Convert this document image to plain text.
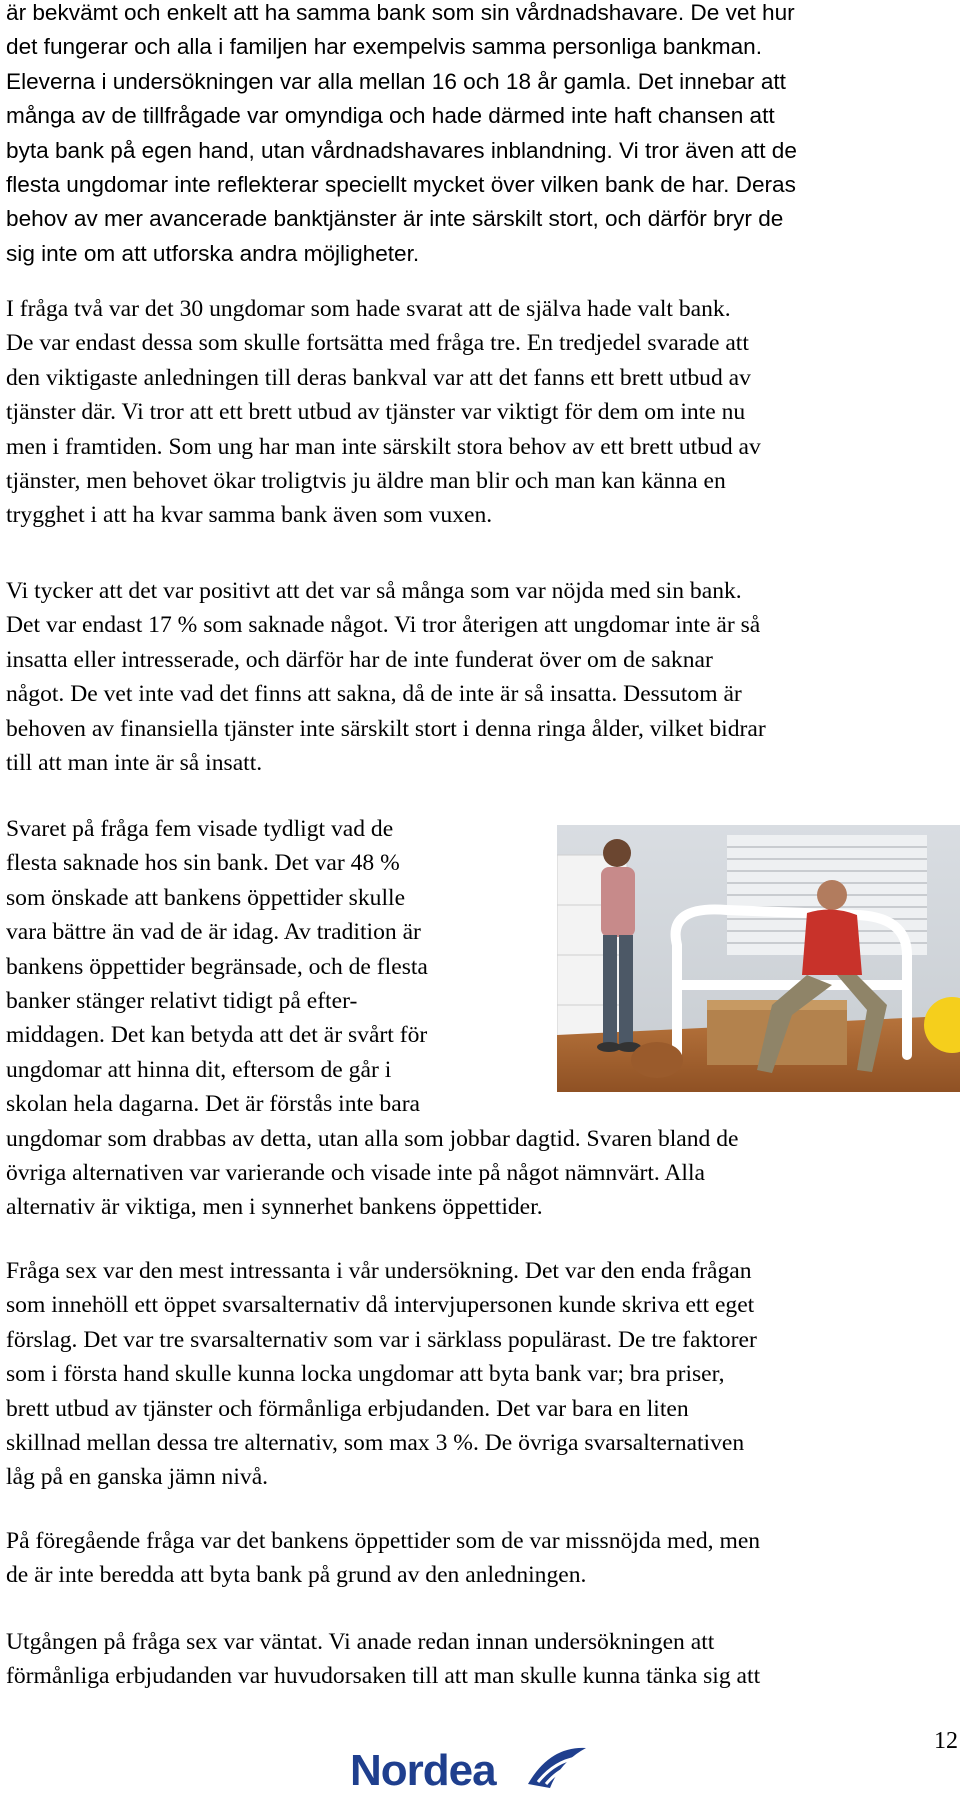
är bekvämt och enkelt att ha samma bank som sin vårdnadshavare. De vet hur
det fungerar och alla i familjen har exempelvis samma personliga bankman.
Eleverna i undersökningen var alla mellan 16 och 18 år gamla. Det innebar att
många av de tillfrågade var omyndiga och hade därmed inte haft chansen att
byta bank på egen hand, utan vårdnadshavares inblandning. Vi tror även att de
flesta ungdomar inte reflekterar speciellt mycket över vilken bank de har. Deras
behov av mer avancerade banktjänster är inte särskilt stort, och därför bryr de
sig inte om att utforska andra möjligheter.
I fråga två var det 30 ungdomar som hade svarat att de själva hade valt bank.
De var endast dessa som skulle fortsätta med fråga tre. En tredjedel svarade att
den viktigaste anledningen till deras bankval var att det fanns ett brett utbud av
tjänster där. Vi tror att ett brett utbud av tjänster var viktigt för dem om inte nu
men i framtiden. Som ung har man inte särskilt stora behov av ett brett utbud av
tjänster, men behovet ökar troligtvis ju äldre man blir och man kan känna en
trygghet i att ha kvar samma bank även som vuxen.
Vi tycker att det var positivt att det var så många som var nöjda med sin bank.
Det var endast 17 % som saknade något. Vi tror återigen att ungdomar inte är så
insatta eller intresserade, och därför har de inte funderat över om de saknar
något. De vet inte vad det finns att sakna, då de inte är så insatta. Dessutom är
behoven av finansiella tjänster inte särskilt stort i denna ringa ålder, vilket bidrar
till att man inte är så insatt.
Svaret på fråga fem visade tydligt vad de
flesta saknade hos sin bank. Det var 48 %
som önskade att bankens öppettider skulle
vara bättre än vad de är idag. Av tradition är
bankens öppettider begränsade, och de flesta
banker stänger relativt tidigt på efter-
middagen. Det kan betyda att det är svårt för
ungdomar att hinna dit, eftersom de går i
skolan hela dagarna. Det är förstås inte bara
ungdomar som drabbas av detta, utan alla som jobbar dagtid. Svaren bland de
övriga alternativen var varierande och visade inte på något nämnvärt. Alla
alternativ är viktiga, men i synnerhet bankens öppettider.
Fråga sex var den mest intressanta i vår undersökning. Det var den enda frågan
som innehöll ett öppet svarsalternativ då intervjupersonen kunde skriva ett eget
förslag. Det var tre svarsalternativ som var i särklass populärast. De tre faktorer
som i första hand skulle kunna locka ungdomar att byta bank var; bra priser,
brett utbud av tjänster och förmånliga erbjudanden. Det var bara en liten
skillnad mellan dessa tre alternativ, som max 3 %. De övriga svarsalternativen
låg på en ganska jämn nivå.
På föregående fråga var det bankens öppettider som de var missnöjda med, men
de är inte beredda att byta bank på grund av den anledningen.
Utgången på fråga sex var väntat. Vi anade redan innan undersökningen att
förmånliga erbjudanden var huvudorsaken till att man skulle kunna tänka sig att
12
Nordea
